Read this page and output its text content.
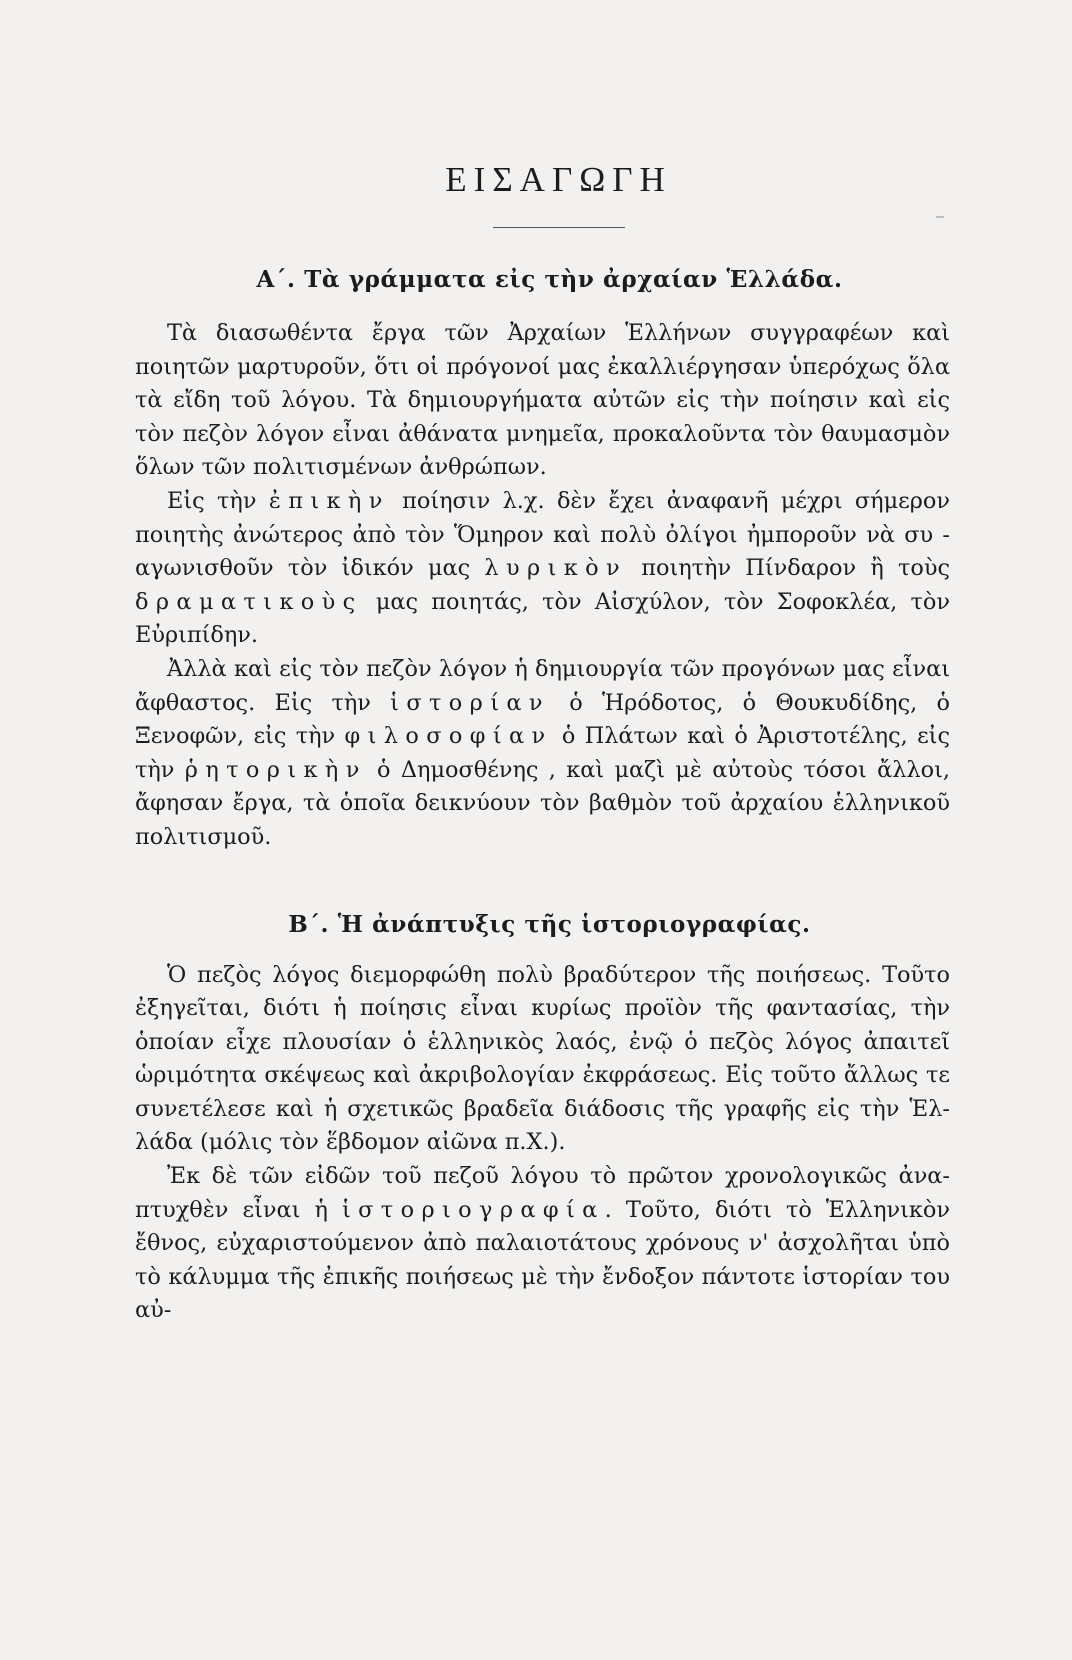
ΕΙΣΑΓΩΓΗ
Α΄. Τὰ γράμματα εἰς τὴν ἀρχαίαν Ἑλλάδα.

Τὰ διασωθέντα ἔργα τῶν Ἀρχαίων Ἑλλήνων συγγραφέων καὶ ποιητῶν μαρτυροῦν, ὅτι οἱ πρόγονοί μας ἐκαλλιέργησαν ὑπερόχως ὅλα τὰ εἴδη τοῦ λόγου. Τὰ δημιουργήματα αὐτῶν εἰς τὴν ποίησιν καὶ εἰς τὸν πεζὸν λόγον εἶναι ἀθάνατα μνημεῖα, προκαλοῦντα τὸν θαυμασμὸν ὅλων τῶν πολιτισμένων ἀνθρώπων.

Εἰς τὴν ἐπικὴν ποίησιν λ.χ. δὲν ἔχει ἀναφανῆ μέχρι σήμερον ποιητὴς ἀνώτερος ἀπὸ τὸν Ὅμηρον καὶ πολὺ ὀλίγοι ἠμποροῦν νὰ συ - αγωνισθοῦν τὸν ἰδικόν μας λυρικὸν ποιητὴν Πίνδαρον ἢ τοὺς δραματικοὺς μας ποιητάς, τὸν Αἰσχύλον, τὸν Σοφοκλέα, τὸν Εὐριπίδην.

Ἀλλὰ καὶ εἰς τὸν πεζὸν λόγον ἡ δημιουργία τῶν προγόνων μας εἶναι ἄφθαστος. Εἰς τὴν ἱστορίαν ὁ Ἡρόδοτος, ὁ Θουκυδίδης, ὁ Ξενοφῶν, εἰς τὴν φιλοσοφίαν ὁ Πλάτων καὶ ὁ Ἀριστοτέλης, εἰς τὴν ῥητορικὴν ὁ Δημοσθένης , καὶ μαζὶ μὲ αὐτοὺς τόσοι ἄλλοι, ἄφησαν ἔργα, τὰ ὁποῖα δεικνύουν τὸν βαθμὸν τοῦ ἀρχαίου ἑλληνικοῦ πολιτισμοῦ.

Β΄. Ἡ ἀνάπτυξις τῆς ἱστοριογραφίας.

Ὁ πεζὸς λόγος διεμορφώθη πολὺ βραδύτερον τῆς ποιήσεως. Τοῦτο ἐξηγεῖται, διότι ἡ ποίησις εἶναι κυρίως προϊὸν τῆς φαντασίας, τὴν ὁποίαν εἶχε πλουσίαν ὁ ἑλληνικὸς λαός, ἐνῷ ὁ πεζὸς λόγος ἀπαιτεῖ ὡριμότητα σκέψεως καὶ ἀκριβολογίαν ἐκφράσεως. Εἰς τοῦτο ἄλλως τε συνετέλεσε καὶ ἡ σχετικῶς βραδεῖα διάδοσις τῆς γραφῆς εἰς τὴν Ἑλ- λάδα (μόλις τὸν ἕβδομον αἰῶνα π.Χ.).

Ἐκ δὲ τῶν εἰδῶν τοῦ πεζοῦ λόγου τὸ πρῶτον χρονολογικῶς ἀνα- πτυχθὲν εἶναι ἡ ἱστοριογραφία. Τοῦτο, διότι τὸ Ἑλληνικὸν ἔθνος, εὐχαριστούμενον ἀπὸ παλαιοτάτους χρόνους ν' ἀσχολῆται ὑπὸ τὸ κάλυμμα τῆς ἐπικῆς ποιήσεως μὲ τὴν ἔνδοξον πάντοτε ἱστορίαν του αὐ-
